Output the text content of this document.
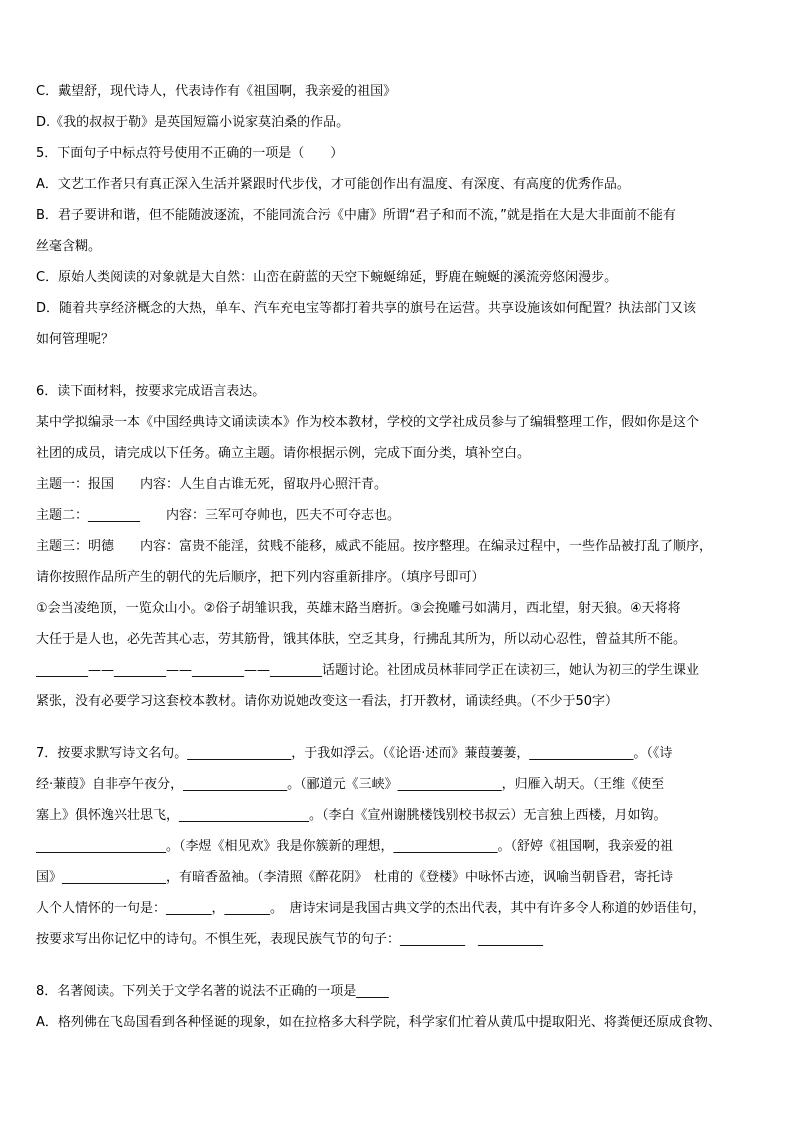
C．戴望舒，现代诗人，代表诗作有《祖国啊，我亲爱的祖国》
D.《我的叔叔于勒》是英国短篇小说家莫泊桑的作品。
5．下面句子中标点符号使用不正确的一项是（　　）
A．文艺工作者只有真正深入生活并紧跟时代步伐，才可能创作出有温度、有深度、有高度的优秀作品。
B．君子要讲和谐，但不能随波逐流，不能同流合污《中庸》所谓“君子和而不流，”就是指在大是大非面前不能有
丝毫含糊。
C．原始人类阅读的对象就是大自然：山峦在蔚蓝的天空下蜿蜒绵延，野鹿在蜿蜒的溪流旁悠闲漫步。
D．随着共享经济概念的大热，单车、汽车充电宝等都打着共享的旗号在运营。共享设施该如何配置？执法部门又该
如何管理呢？
6．读下面材料，按要求完成语言表达。
某中学拟编录一本《中国经典诗文诵读读本》作为校本教材，学校的文学社成员参与了编辑整理工作，假如你是这个
社团的成员，请完成以下任务。确立主题。请你根据示例，完成下面分类，填补空白。
主题一：报国　　内容：人生自古谁无死，留取丹心照汗青。
主题二：________　　内容：三军可夺帅也，匹夫不可夺志也。
主题三：明德　　内容：富贵不能淫，贫贱不能移，威武不能屈。按序整理。在编录过程中，一些作品被打乱了顺序，
请你按照作品所产生的朝代的先后顺序，把下列内容重新排序。（填序号即可）
①会当凌绝顶，一览众山小。②俗子胡雏识我，英雄末路当磨折。③会挽雕弓如满月，西北望，射天狼。④天将将
大任于是人也，必先苦其心志，劳其筋骨，饿其体肤，空乏其身，行拂乱其所为，所以动心忍性，曾益其所不能。
________——________——________——________话题讨论。社团成员林菲同学正在读初三，她认为初三的学生课业
紧张，没有必要学习这套校本教材。请你劝说她改变这一看法，打开教材，诵读经典。（不少于50字）
7．按要求默写诗文名句。________________，于我如浮云。（《论语·述而》蒹葭萋萋，________________。（《诗
经·蒹葭》自非亭午夜分，________________。（郦道元《三峡》________________，归雁入胡天。（王维《使至
塞上》俱怀逸兴壮思飞，____________________。（李白《宣州谢朓楼饯别校书叔云）无言独上西楼，月如钩。
____________________。（李煜《相见欢》我是你簇新的理想，________________。（舒婷《祖国啊，我亲爱的祖
国》________________，有暗香盈袖。（李清照《醉花阴》　杜甫的《登楼》中咏怀古迹，讽喻当朝昏君，寄托诗
人个人情怀的一句是：_______，_______。　唐诗宋词是我国古典文学的杰出代表，其中有许多令人称道的妙语佳句，
按要求写出你记忆中的诗句。不惧生死，表现民族气节的句子：__________　__________
8．名著阅读。下列关于文学名著的说法不正确的一项是_____
A．格列佛在飞岛国看到各种怪诞的现象，如在拉格多大科学院，科学家们忙着从黄瓜中提取阳光、将粪便还原成食物、
